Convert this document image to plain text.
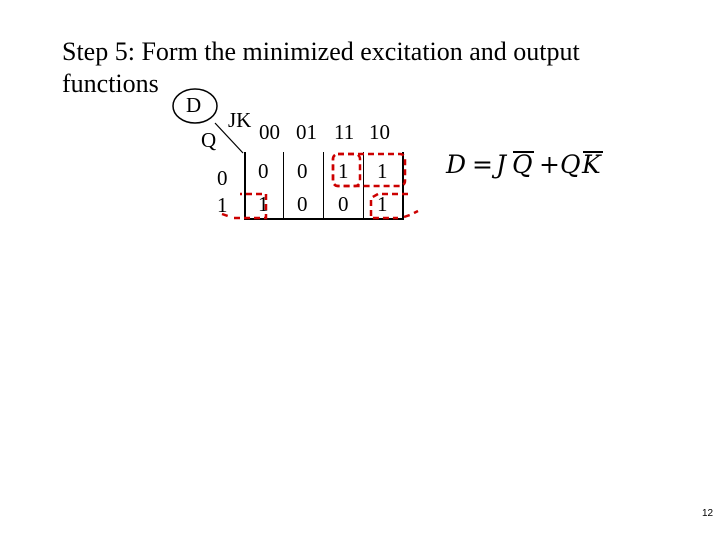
Step 5: Form the minimized excitation and output
functions
D
JK
Q 00 01 11 10
0
1
0 0 1 1
1 0 0 1
D = J Q + Q K
12
